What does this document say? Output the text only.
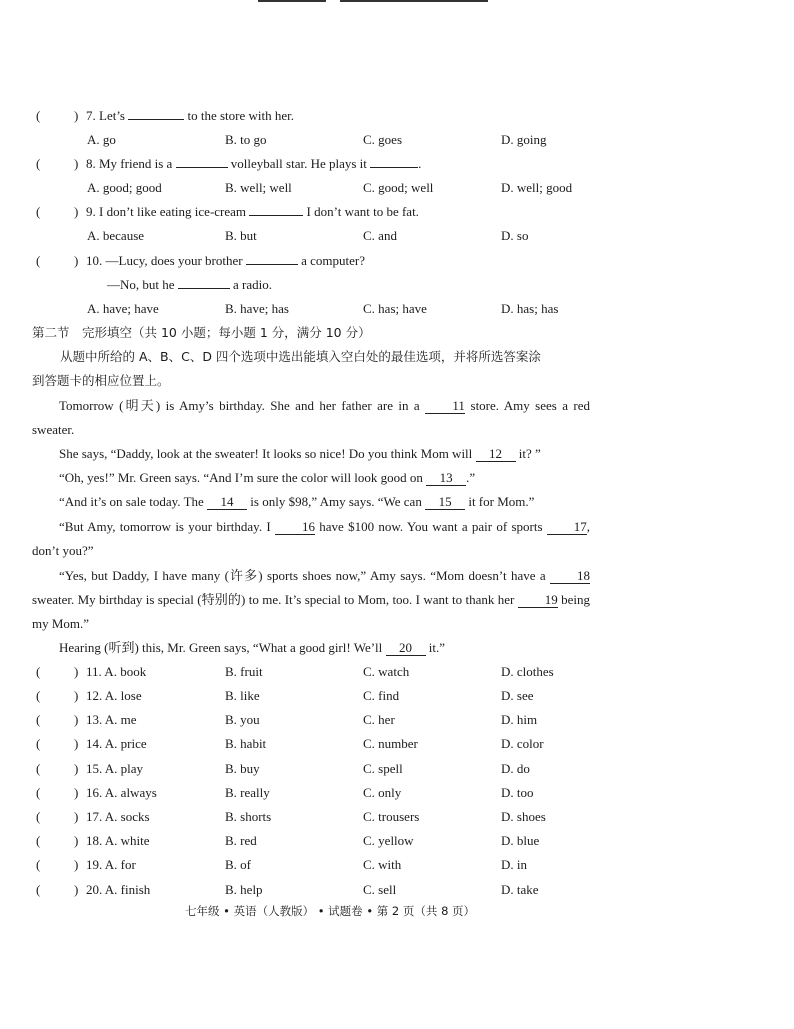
(	) 7. Let’s	to the store with her.
A. go	B. to go	C. goes	D. going
(	) 8. My friend is a	volleyball star. He plays it	.
A. good; good	B. well; well	C. good; well	D. well; good
(	) 9. I don’t like eating ice-cream	I don’t want to be fat.
A. because	B. but	C. and	D. so
(	) 10. —Lucy, does your brother	a computer?
—No, but he	a radio.
A. have; have	B. have; has	C. has; have	D. has; has
第二节　完形填空（共 10 小题；每小题 1 分，满分 10 分）
从题中所给的 A、B、C、D 四个选项中选出能填入空白处的最佳选项，并将所选答案涂
到答题卡的相应位置上。
Tomorrow (明天) is Amy’s birthday. She and her father are in a	11 store. Amy sees a red sweater.
She says, “Daddy, look at the sweater! It looks so nice! Do you think Mom will 12 it? ”
“Oh, yes!” Mr. Green says. “And I’m sure the color will look good on 13 .”
“And it’s on sale today. The 14 is only $98,” Amy says. “We can 15 it for Mom.”
“But Amy, tomorrow is your birthday. I 16 have $100 now. You want a pair of sports 17, don’t you?”
“Yes, but Daddy, I have many (许多) sports shoes now,” Amy says. “Mom doesn’t have a 18 sweater. My birthday is special (特别的) to me. It’s special to Mom, too. I want to thank her 19 being my Mom.”
Hearing (听到) this, Mr. Green says, “What a good girl! We’ll 20 it.”
(	) 11. A. book	B. fruit	C. watch	D. clothes
(	) 12. A. lose	B. like	C. find	D. see
(	) 13. A. me	B. you	C. her	D. him
(	) 14. A. price	B. habit	C. number	D. color
(	) 15. A. play	B. buy	C. spell	D. do
(	) 16. A. always	B. really	C. only	D. too
(	) 17. A. socks	B. shorts	C. trousers	D. shoes
(	) 18. A. white	B. red	C. yellow	D. blue
(	) 19. A. for	B. of	C. with	D. in
(	) 20. A. finish	B. help	C. sell	D. take
七年级 • 英语（人教版） • 试题卷 • 第 2 页（共 8 页）
